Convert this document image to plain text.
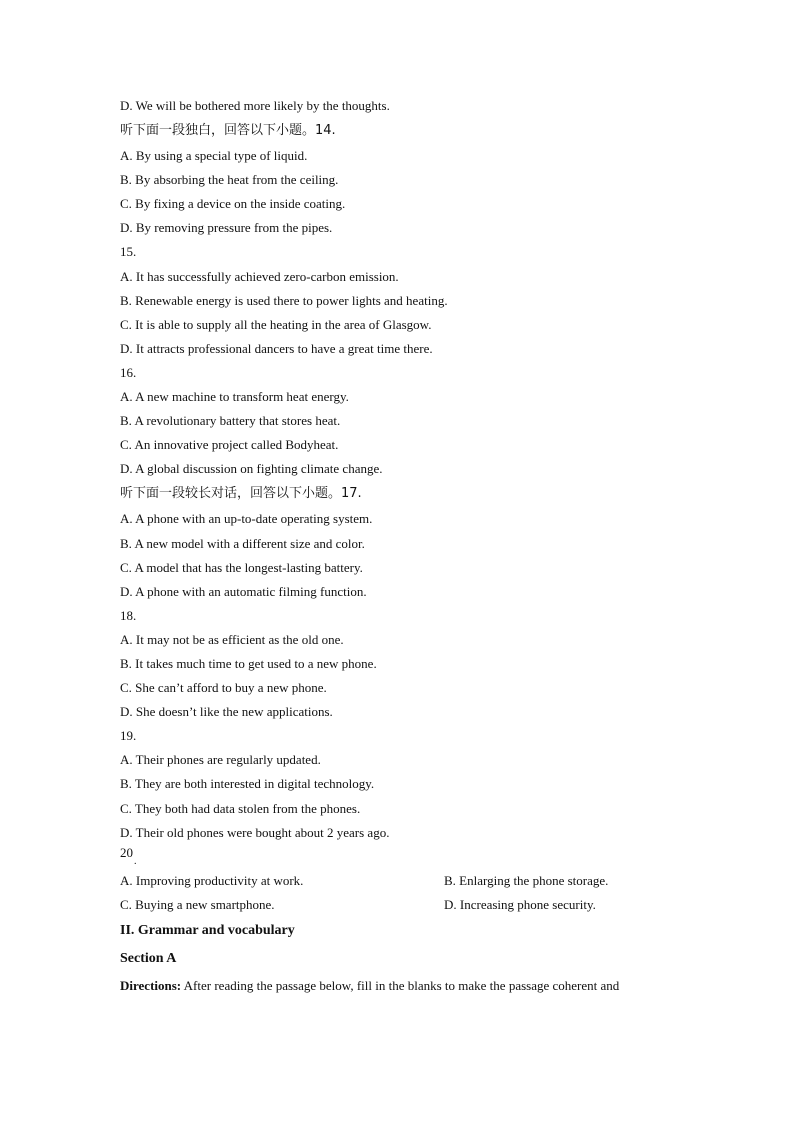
D. We will be bothered more likely by the thoughts.
听下面一段独白，回答以下小题。14.
A. By using a special type of liquid.
B. By absorbing the heat from the ceiling.
C. By fixing a device on the inside coating.
D. By removing pressure from the pipes.
15.
A. It has successfully achieved zero-carbon emission.
B. Renewable energy is used there to power lights and heating.
C. It is able to supply all the heating in the area of Glasgow.
D. It attracts professional dancers to have a great time there.
16.
A. A new machine to transform heat energy.
B. A revolutionary battery that stores heat.
C. An innovative project called Bodyheat.
D. A global discussion on fighting climate change.
听下面一段较长对话，回答以下小题。17.
A. A phone with an up-to-date operating system.
B. A new model with a different size and color.
C. A model that has the longest-lasting battery.
D. A phone with an automatic filming function.
18.
A. It may not be as efficient as the old one.
B. It takes much time to get used to a new phone.
C. She can’t afford to buy a new phone.
D. She doesn’t like the new applications.
19.
A. Their phones are regularly updated.
B. They are both interested in digital technology.
C. They both had data stolen from the phones.
D. Their old phones were bought about 2 years ago.
20
.
A. Improving productivity at work.	B. Enlarging the phone storage.
C. Buying a new smartphone.	D. Increasing phone security.
II. Grammar and vocabulary
Section A
Directions: After reading the passage below, fill in the blanks to make the passage coherent and
